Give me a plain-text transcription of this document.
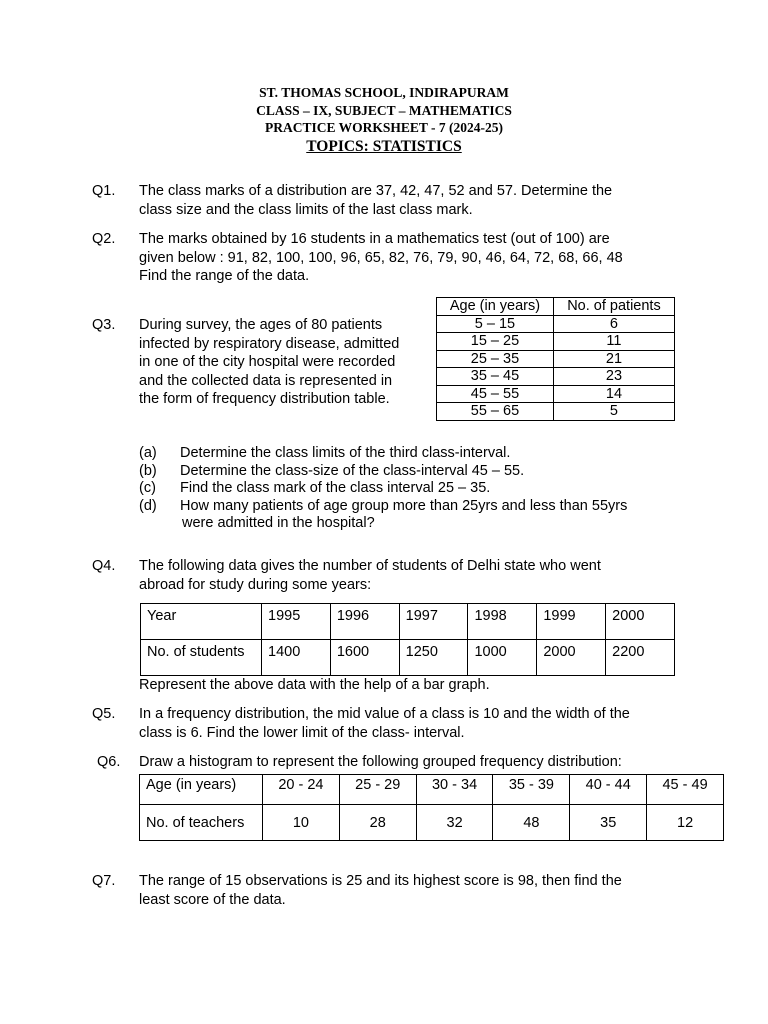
ST. THOMAS SCHOOL, INDIRAPURAM
CLASS – IX, SUBJECT – MATHEMATICS
PRACTICE WORKSHEET - 7 (2024-25)
TOPICS: STATISTICS
Q1. The class marks of a distribution are 37, 42, 47, 52 and 57. Determine the
class size and the class limits of the last class mark.
Q2. The marks obtained by 16 students in a mathematics test (out of 100) are
given below : 91, 82, 100, 100, 96, 65, 82, 76, 79, 90, 46, 64, 72, 68, 66, 48
Find the range of the data.
Q3. During survey, the ages of 80 patients
infected by respiratory disease, admitted
in one of the city hospital were recorded
and the collected data is represented in
the form of frequency distribution table.
Age (in years)	No. of patients
5 – 15	6
15 – 25	11
25 – 35	21
35 – 45	23
45 – 55	14
55 – 65	5
(a) Determine the class limits of the third class-interval.
(b) Determine the class-size of the class-interval 45 – 55.
(c) Find the class mark of the class interval 25 – 35.
(d) How many patients of age group more than 25yrs and less than 55yrs
were admitted in the hospital?
Q4. The following data gives the number of students of Delhi state who went
abroad for study during some years:
Year	1995	1996	1997	1998	1999	2000
No. of students	1400	1600	1250	1000	2000	2200
Represent the above data with the help of a bar graph.
Q5. In a frequency distribution, the mid value of a class is 10 and the width of the
class is 6. Find the lower limit of the class- interval.
Q6. Draw a histogram to represent the following grouped frequency distribution:
Age (in years)	20 - 24	25 - 29	30 - 34	35 - 39	40 - 44	45 - 49
No. of teachers	10	28	32	48	35	12
Q7. The range of 15 observations is 25 and its highest score is 98, then find the
least score of the data.
